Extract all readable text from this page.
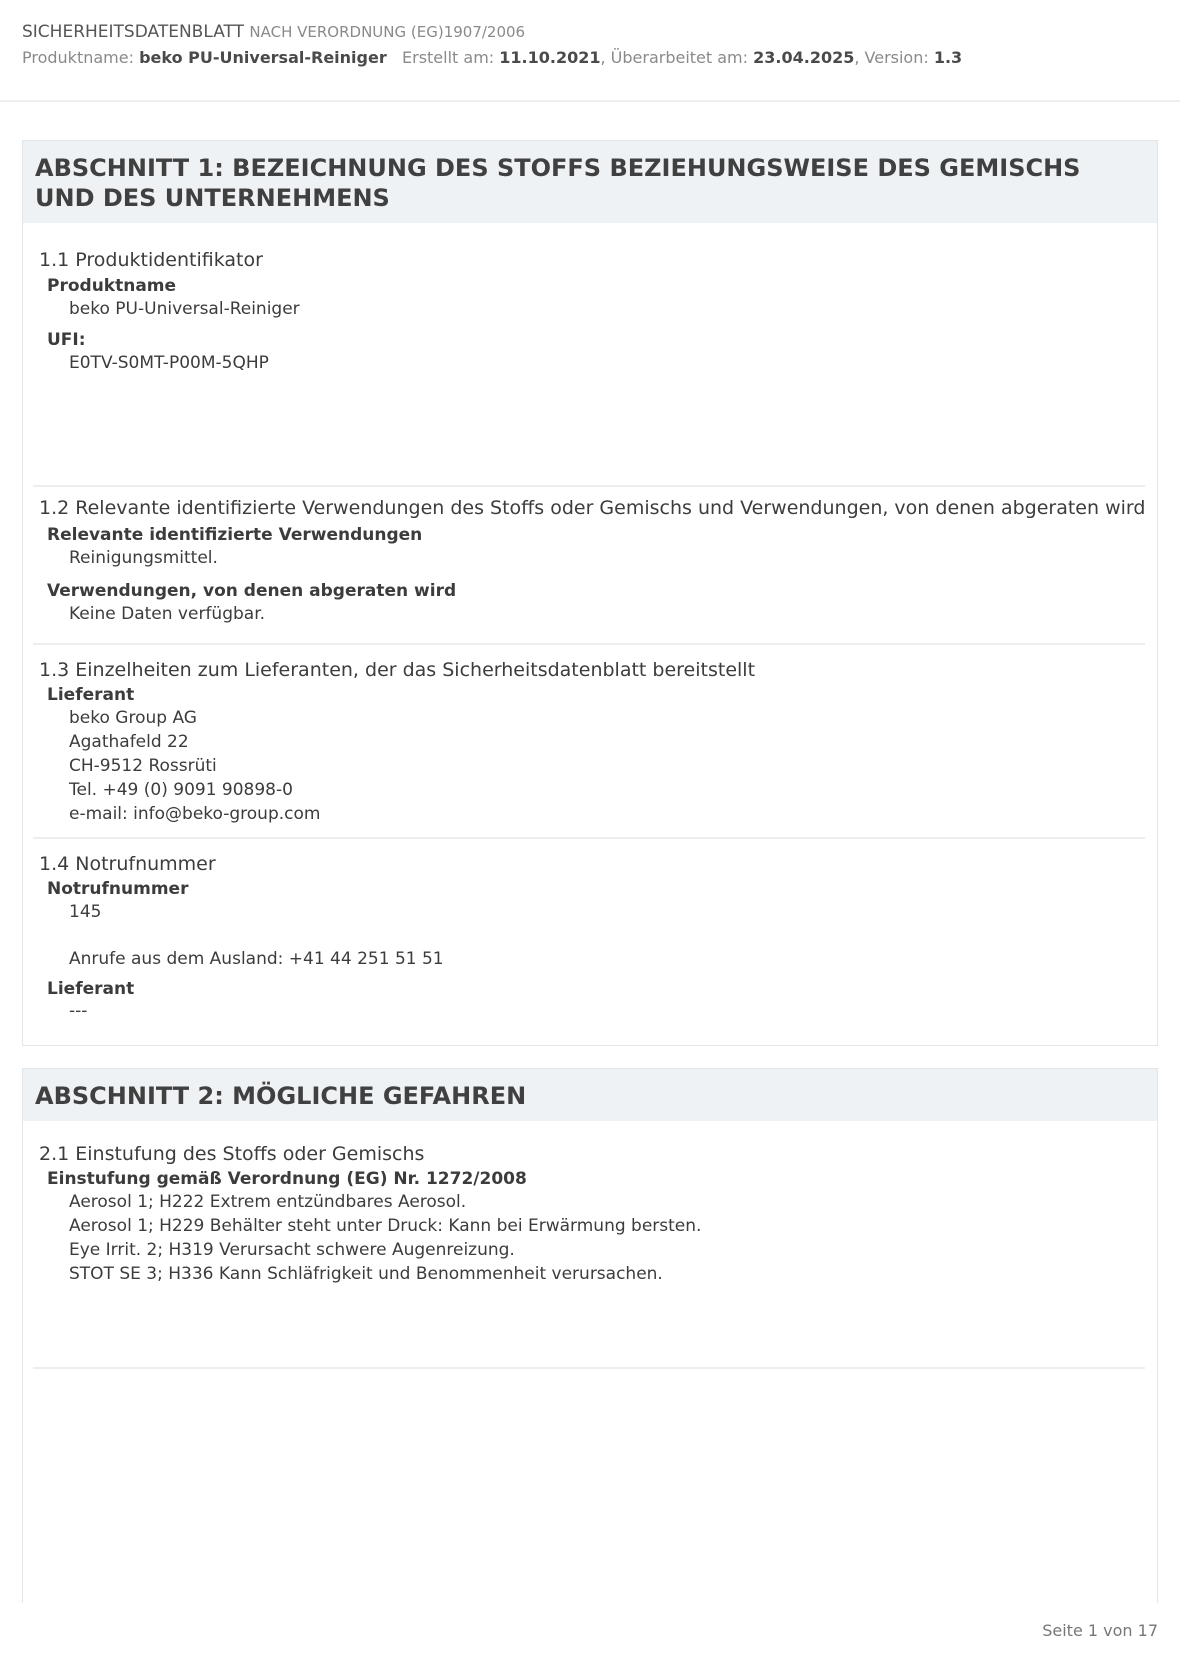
SICHERHEITSDATENBLATT NACH VERORDNUNG (EG)1907/2006
Produktname: beko PU-Universal-Reiniger Erstellt am: 11.10.2021, Überarbeitet am: 23.04.2025, Version: 1.3
ABSCHNITT 1: BEZEICHNUNG DES STOFFS BEZIEHUNGSWEISE DES GEMISCHS UND DES UNTERNEHMENS
1.1 Produktidentifikator
Produktname
beko PU-Universal-Reiniger
UFI:
E0TV-S0MT-P00M-5QHP
1.2 Relevante identifizierte Verwendungen des Stoffs oder Gemischs und Verwendungen, von denen abgeraten wird
Relevante identifizierte Verwendungen
Reinigungsmittel.
Verwendungen, von denen abgeraten wird
Keine Daten verfügbar.
1.3 Einzelheiten zum Lieferanten, der das Sicherheitsdatenblatt bereitstellt
Lieferant
beko Group AG
Agathafeld 22
CH-9512 Rossrüti
Tel. +49 (0) 9091 90898-0
e-mail: info@beko-group.com
1.4 Notrufnummer
Notrufnummer
145
Anrufe aus dem Ausland: +41 44 251 51 51
Lieferant
---
ABSCHNITT 2: MÖGLICHE GEFAHREN
2.1 Einstufung des Stoffs oder Gemischs
Einstufung gemäß Verordnung (EG) Nr. 1272/2008
Aerosol 1; H222 Extrem entzündbares Aerosol.
Aerosol 1; H229 Behälter steht unter Druck: Kann bei Erwärmung bersten.
Eye Irrit. 2; H319 Verursacht schwere Augenreizung.
STOT SE 3; H336 Kann Schläfrigkeit und Benommenheit verursachen.
Seite 1 von 17
